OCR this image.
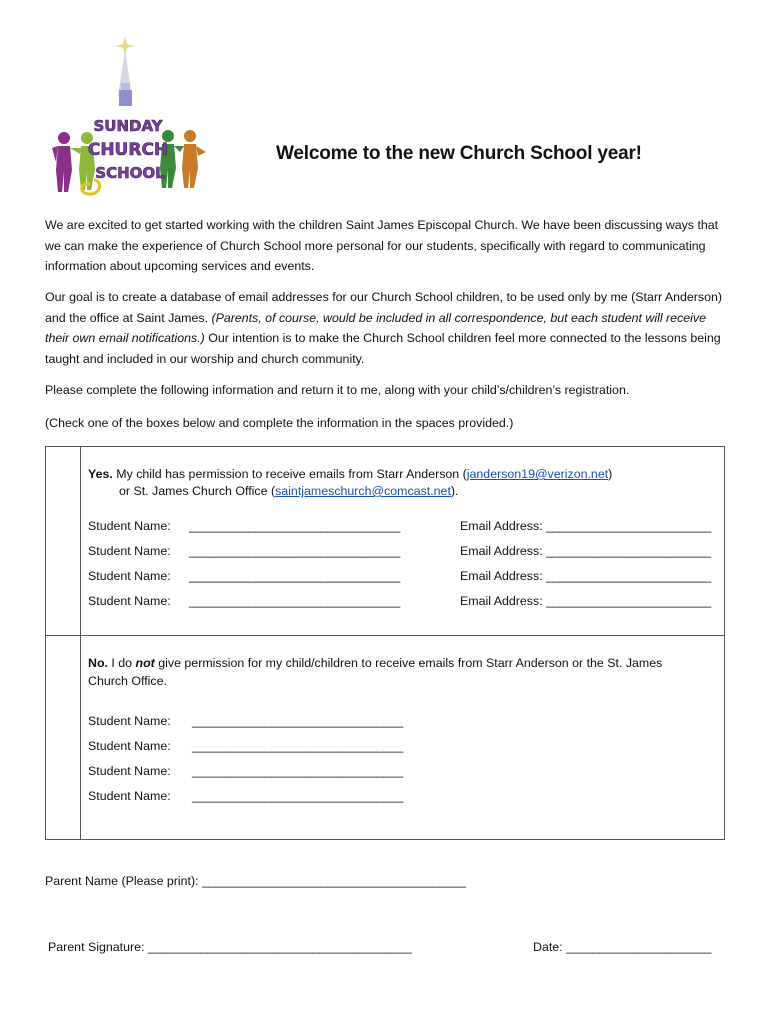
SUNDAY
CHURCH
SCHOOL
Welcome to the new Church School year!

We are excited to get started working with the children Saint James Episcopal Church. We have been discussing ways that we can make the experience of Church School more personal for our students, specifically with regard to communicating information about upcoming services and events.

Our goal is to create a database of email addresses for our Church School children, to be used only by me (Starr Anderson) and the office at Saint James. (Parents, of course, would be included in all correspondence, but each student will receive their own email notifications.) Our intention is to make the Church School children feel more connected to the lessons being taught and included in our worship and church community.

Please complete the following information and return it to me, along with your child’s/children’s registration.

(Check one of the boxes below and complete the information in the spaces provided.)

Yes. My child has permission to receive emails from Starr Anderson (janderson19@verizon.net)
or St. James Church Office (saintjameschurch@comcast.net).
Student Name: ________________________________	Email Address: _________________________
Student Name: ________________________________	Email Address: _________________________
Student Name: ________________________________	Email Address: _________________________
Student Name: ________________________________	Email Address: _________________________
No. I do not give permission for my child/children to receive emails from Starr Anderson or the St. James Church Office.
Student Name: ________________________________
Student Name: ________________________________
Student Name: ________________________________
Student Name: ________________________________
Parent Name (Please print): ________________________________________
Parent Signature: ________________________________________	Date: ______________________
